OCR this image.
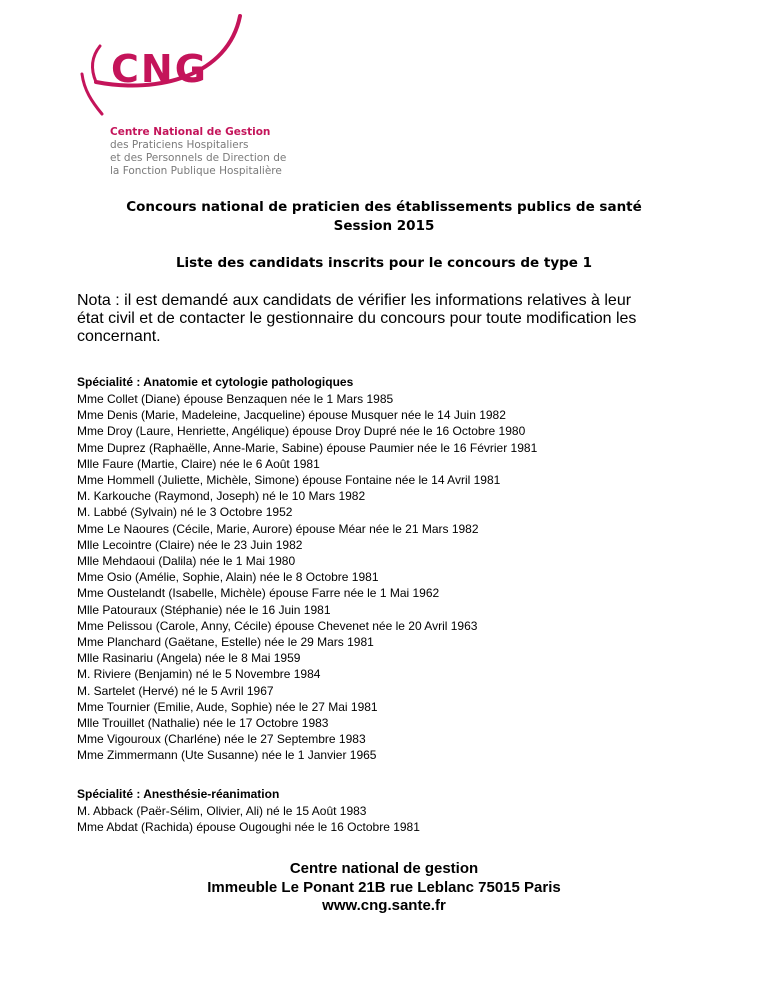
CNG
Centre National de Gestion
des Praticiens Hospitaliers
et des Personnels de Direction de
la Fonction Publique Hospitalière
Concours national de praticien des établissements publics de santé
Session 2015
Liste des candidats inscrits pour le concours de type 1
Nota : il est demandé aux candidats de vérifier les informations relatives à leur état civil et de contacter le gestionnaire du concours pour toute modification les concernant.
Spécialité : Anatomie et cytologie pathologiques
Mme Collet (Diane) épouse Benzaquen née le 1 Mars 1985
Mme Denis (Marie, Madeleine, Jacqueline) épouse Musquer née le 14 Juin 1982
Mme Droy (Laure, Henriette, Angélique) épouse Droy Dupré née le 16 Octobre 1980
Mme Duprez (Raphaëlle, Anne-Marie, Sabine) épouse Paumier née le 16 Février 1981
Mlle Faure (Martie, Claire) née le 6 Août 1981
Mme Hommell (Juliette, Michèle, Simone) épouse Fontaine née le 14 Avril 1981
M. Karkouche (Raymond, Joseph) né le 10 Mars 1982
M. Labbé (Sylvain) né le 3 Octobre 1952
Mme Le Naoures (Cécile, Marie, Aurore) épouse Méar née le 21 Mars 1982
Mlle Lecointre (Claire) née le 23 Juin 1982
Mlle Mehdaoui (Dalila) née le 1 Mai 1980
Mme Osio (Amélie, Sophie, Alain) née le 8 Octobre 1981
Mme Oustelandt (Isabelle, Michèle) épouse Farre née le 1 Mai 1962
Mlle Patouraux (Stéphanie) née le 16 Juin 1981
Mme Pelissou (Carole, Anny, Cécile) épouse Chevenet née le 20 Avril 1963
Mme Planchard (Gaëtane, Estelle) née le 29 Mars 1981
Mlle Rasinariu (Angela) née le 8 Mai 1959
M. Riviere (Benjamin) né le 5 Novembre 1984
M. Sartelet (Hervé) né le 5 Avril 1967
Mme Tournier (Emilie, Aude, Sophie) née le 27 Mai 1981
Mlle Trouillet (Nathalie) née le 17 Octobre 1983
Mme Vigouroux (Charléne) née le 27 Septembre 1983
Mme Zimmermann (Ute Susanne) née le 1 Janvier 1965
Spécialité : Anesthésie-réanimation
M. Abback (Paër-Sélim, Olivier, Ali) né le 15 Août 1983
Mme Abdat (Rachida) épouse Ougoughi née le 16 Octobre 1981
Centre national de gestion
Immeuble Le Ponant 21B rue Leblanc 75015 Paris
www.cng.sante.fr
